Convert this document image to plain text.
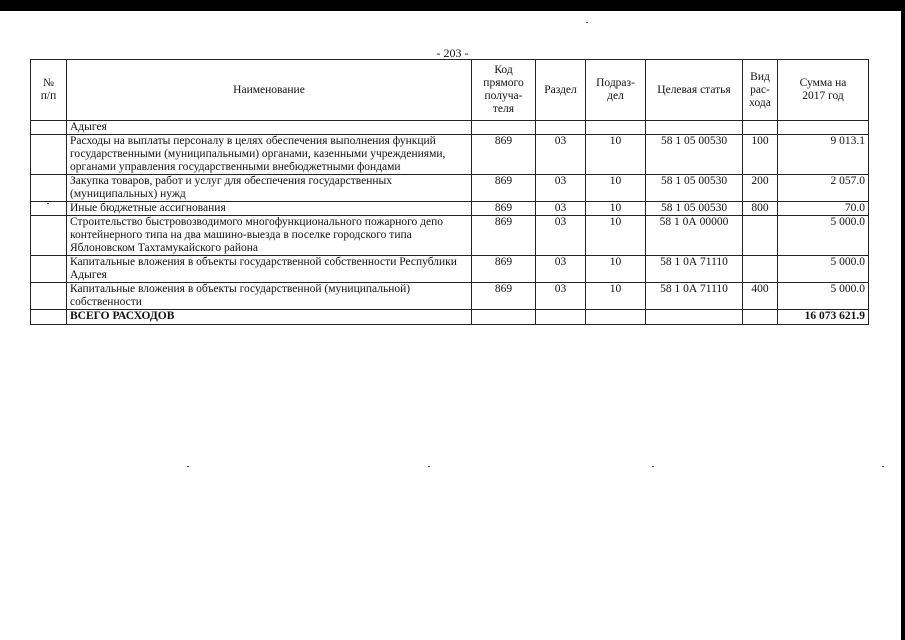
- 203 -
№
п/п	Наименование	Код
прямого
получа-
теля	Раздел	Подраз-
дел	Целевая статья	Вид
рас-
хода	Сумма на
2017 год
	Адыгея						
	Расходы на выплаты персоналу в целях обеспечения выполнения функций государственными (муниципальными) органами, казенными учреждениями, органами управления государственными внебюджетными фондами	869	03	10	58 1 05 00530	100	9 013.1
	Закупка товаров, работ и услуг для обеспечения государственных (муниципальных) нужд	869	03	10	58 1 05 00530	200	2 057.0
	Иные бюджетные ассигнования	869	03	10	58 1 05 00530	800	70.0
	Строительство быстровозводимого многофункционального пожарного депо контейнерного типа на два машино-выезда в поселке городского типа Яблоновском Тахтамукайского района	869	03	10	58 1 0А 00000		5 000.0
	Капитальные вложения в объекты государственной собственности Республики Адыгея	869	03	10	58 1 0А 71110		5 000.0
	Капитальные вложения в объекты государственной (муниципальной) собственности	869	03	10	58 1 0А 71110	400	5 000.0
	ВСЕГО РАСХОДОВ						16 073 621.9
